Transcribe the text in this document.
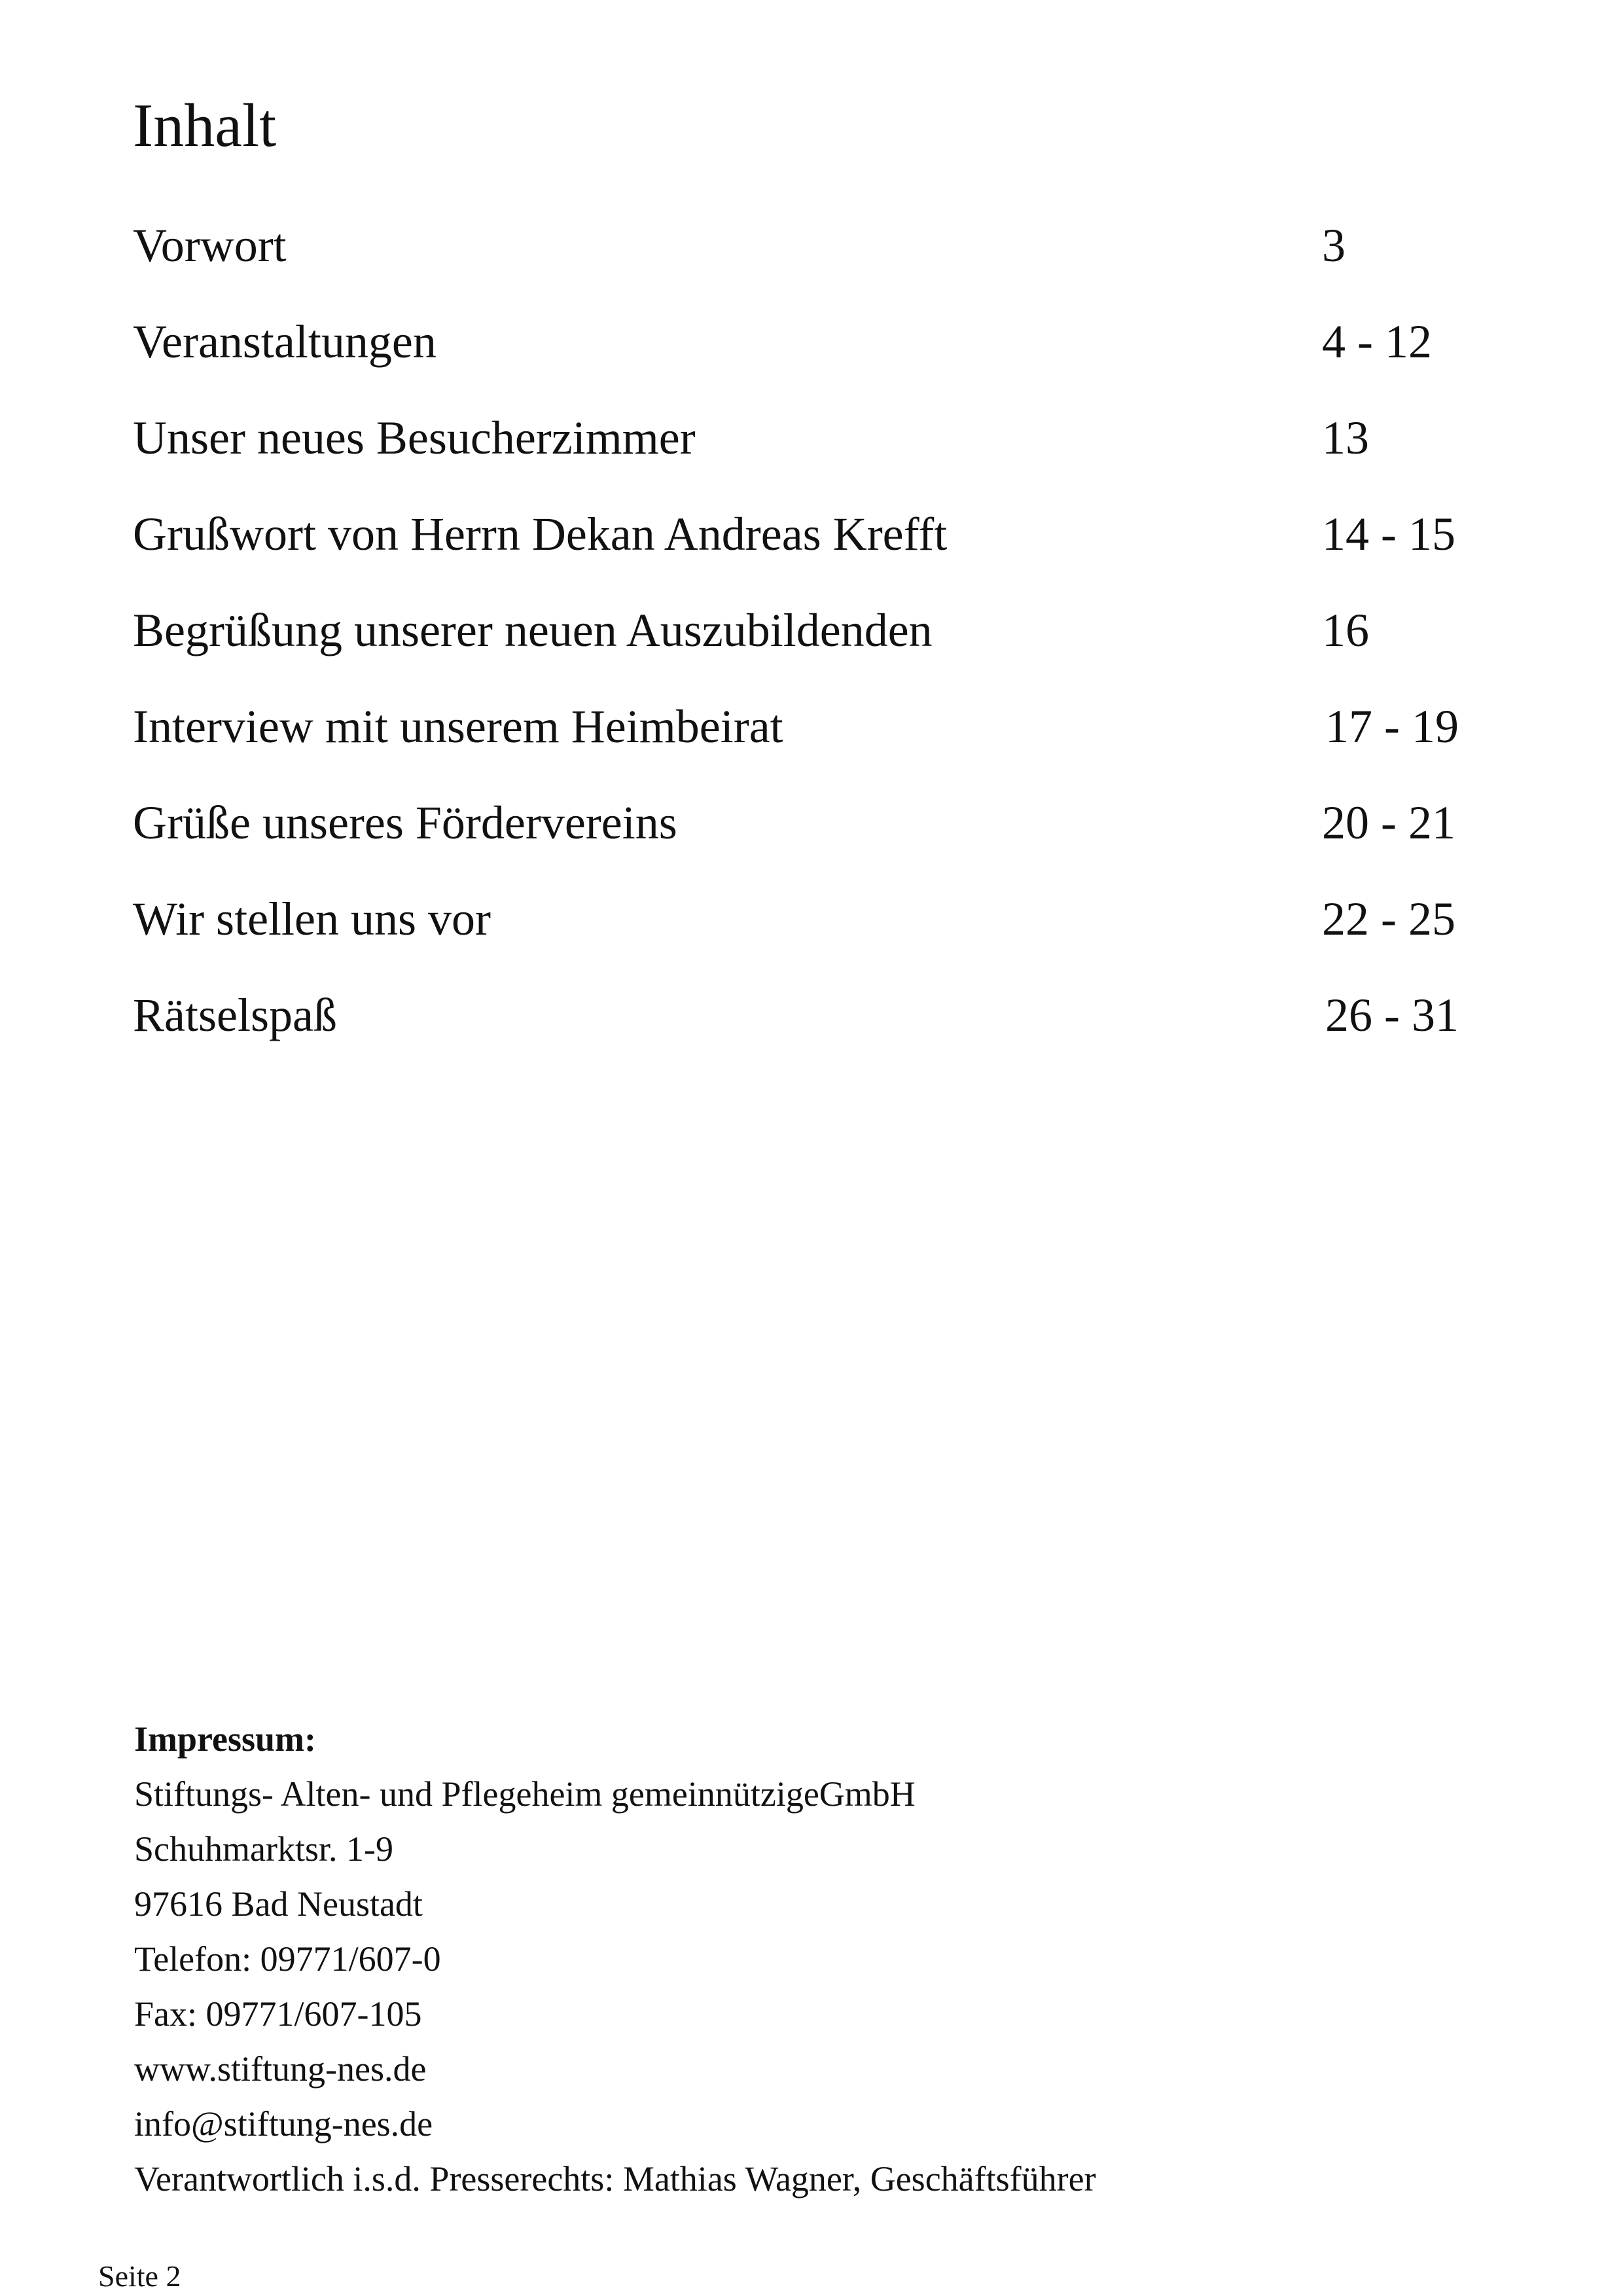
Inhalt
Vorwort	3
Veranstaltungen	4 - 12
Unser neues Besucherzimmer	13
Grußwort von Herrn Dekan Andreas Krefft	14 - 15
Begrüßung unserer neuen Auszubildenden	16
Interview mit unserem Heimbeirat	17 - 19
Grüße unseres Fördervereins	20 - 21
Wir stellen uns vor	22 - 25
Rätselspaß	26 - 31
Impressum:
Stiftungs- Alten- und Pflegeheim gemeinnützigeGmbH
Schuhmarktsr. 1-9
97616 Bad Neustadt
Telefon: 09771/607-0
Fax: 09771/607-105
www.stiftung-nes.de
info@stiftung-nes.de
Verantwortlich i.s.d. Presserechts: Mathias Wagner, Geschäftsführer
Seite 2
